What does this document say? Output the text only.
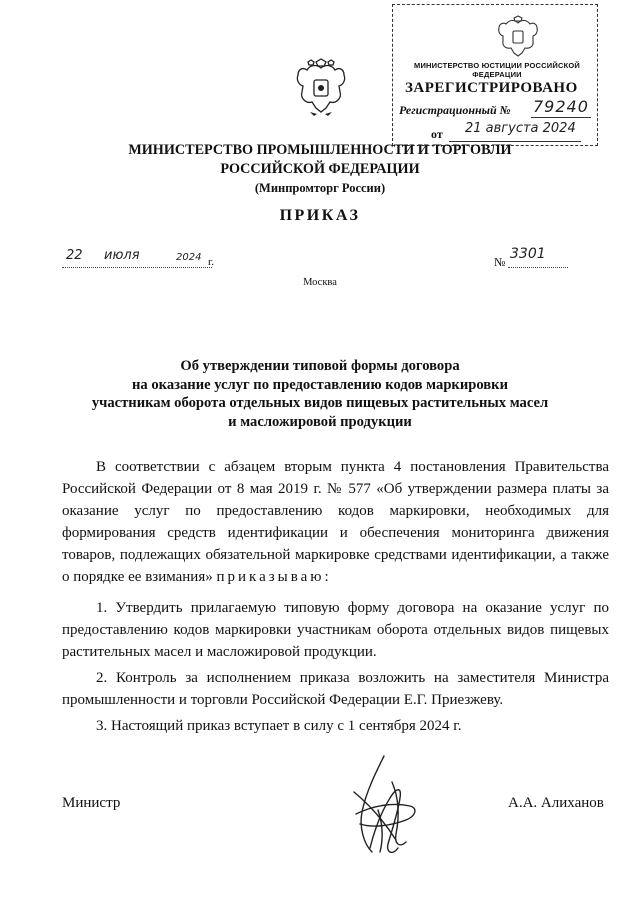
МИНИСТЕРСТВО ЮСТИЦИИ РОССИЙСКОЙ ФЕДЕРАЦИИ
ЗАРЕГИСТРИРОВАНО
Регистрационный № 79240
от	21 августа 2024
МИНИСТЕРСТВО ПРОМЫШЛЕННОСТИ И ТОРГОВЛИ
РОССИЙСКОЙ ФЕДЕРАЦИИ
(Минпромторг России)
ПРИКАЗ
22 июля	2024 г.	№ 3301
Москва
Об утверждении типовой формы договора
на оказание услуг по предоставлению кодов маркировки
участникам оборота отдельных видов пищевых растительных масел
и масложировой продукции
В соответствии с абзацем вторым пункта 4 постановления Правительства Российской Федерации от 8 мая 2019 г. № 577 «Об утверждении размера платы за оказание услуг по предоставлению кодов маркировки, необходимых для формирования средств идентификации и обеспечения мониторинга движения товаров, подлежащих обязательной маркировке средствами идентификации, а также о порядке ее взимания» приказываю:
1. Утвердить прилагаемую типовую форму договора на оказание услуг по предоставлению кодов маркировки участникам оборота отдельных видов пищевых растительных масел и масложировой продукции.
2. Контроль за исполнением приказа возложить на заместителя Министра промышленности и торговли Российской Федерации Е.Г. Приезжеву.
3. Настоящий приказ вступает в силу с 1 сентября 2024 г.
Министр	А.А. Алиханов
